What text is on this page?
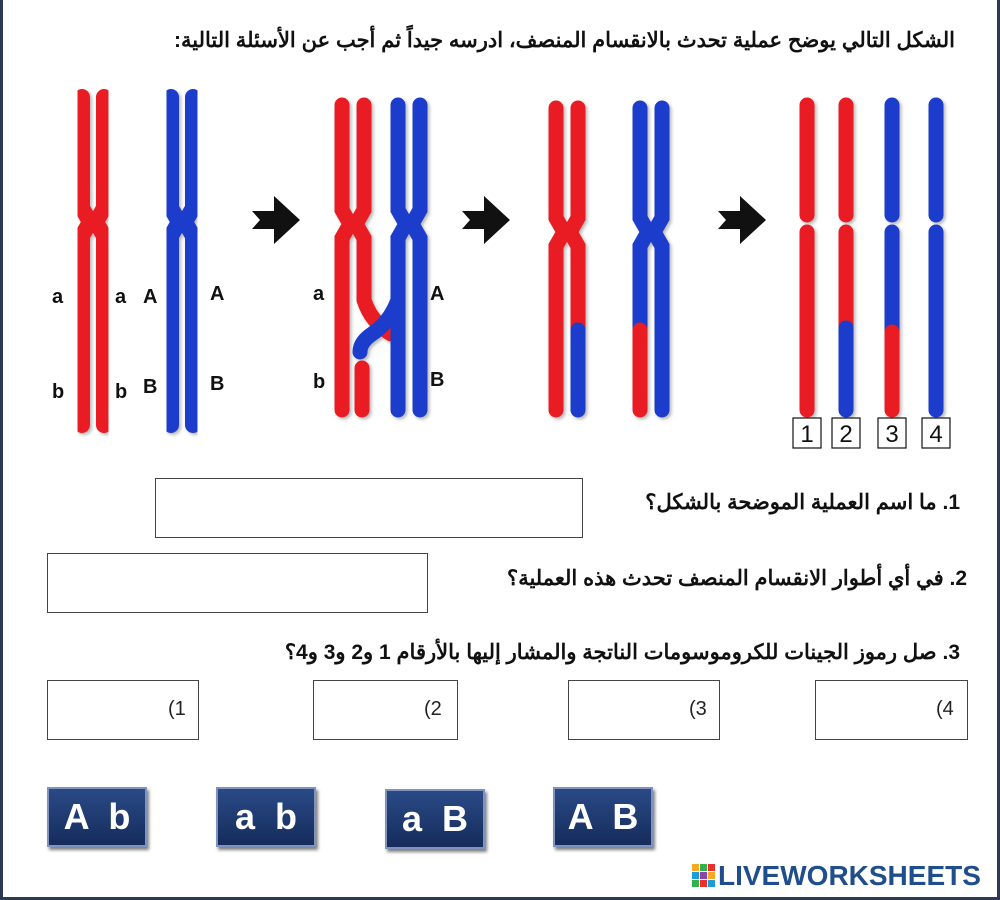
الشكل التالي يوضح عملية تحدث بالانقسام المنصف، ادرسه جيداً ثم أجب عن الأسئلة التالية:
a
b
a
b
A
B
A
B
a
b
A
B
1 2 3 4
1. ما اسم العملية الموضحة بالشكل؟
2. في أي أطوار الانقسام المنصف تحدث هذه العملية؟
3. صل رموز الجينات للكروموسومات الناتجة والمشار إليها بالأرقام 1 و2 و3 و4؟
(1	(2	(3	(4
A  b	a  b	a  B	A  B
LIVEWORKSHEETS
